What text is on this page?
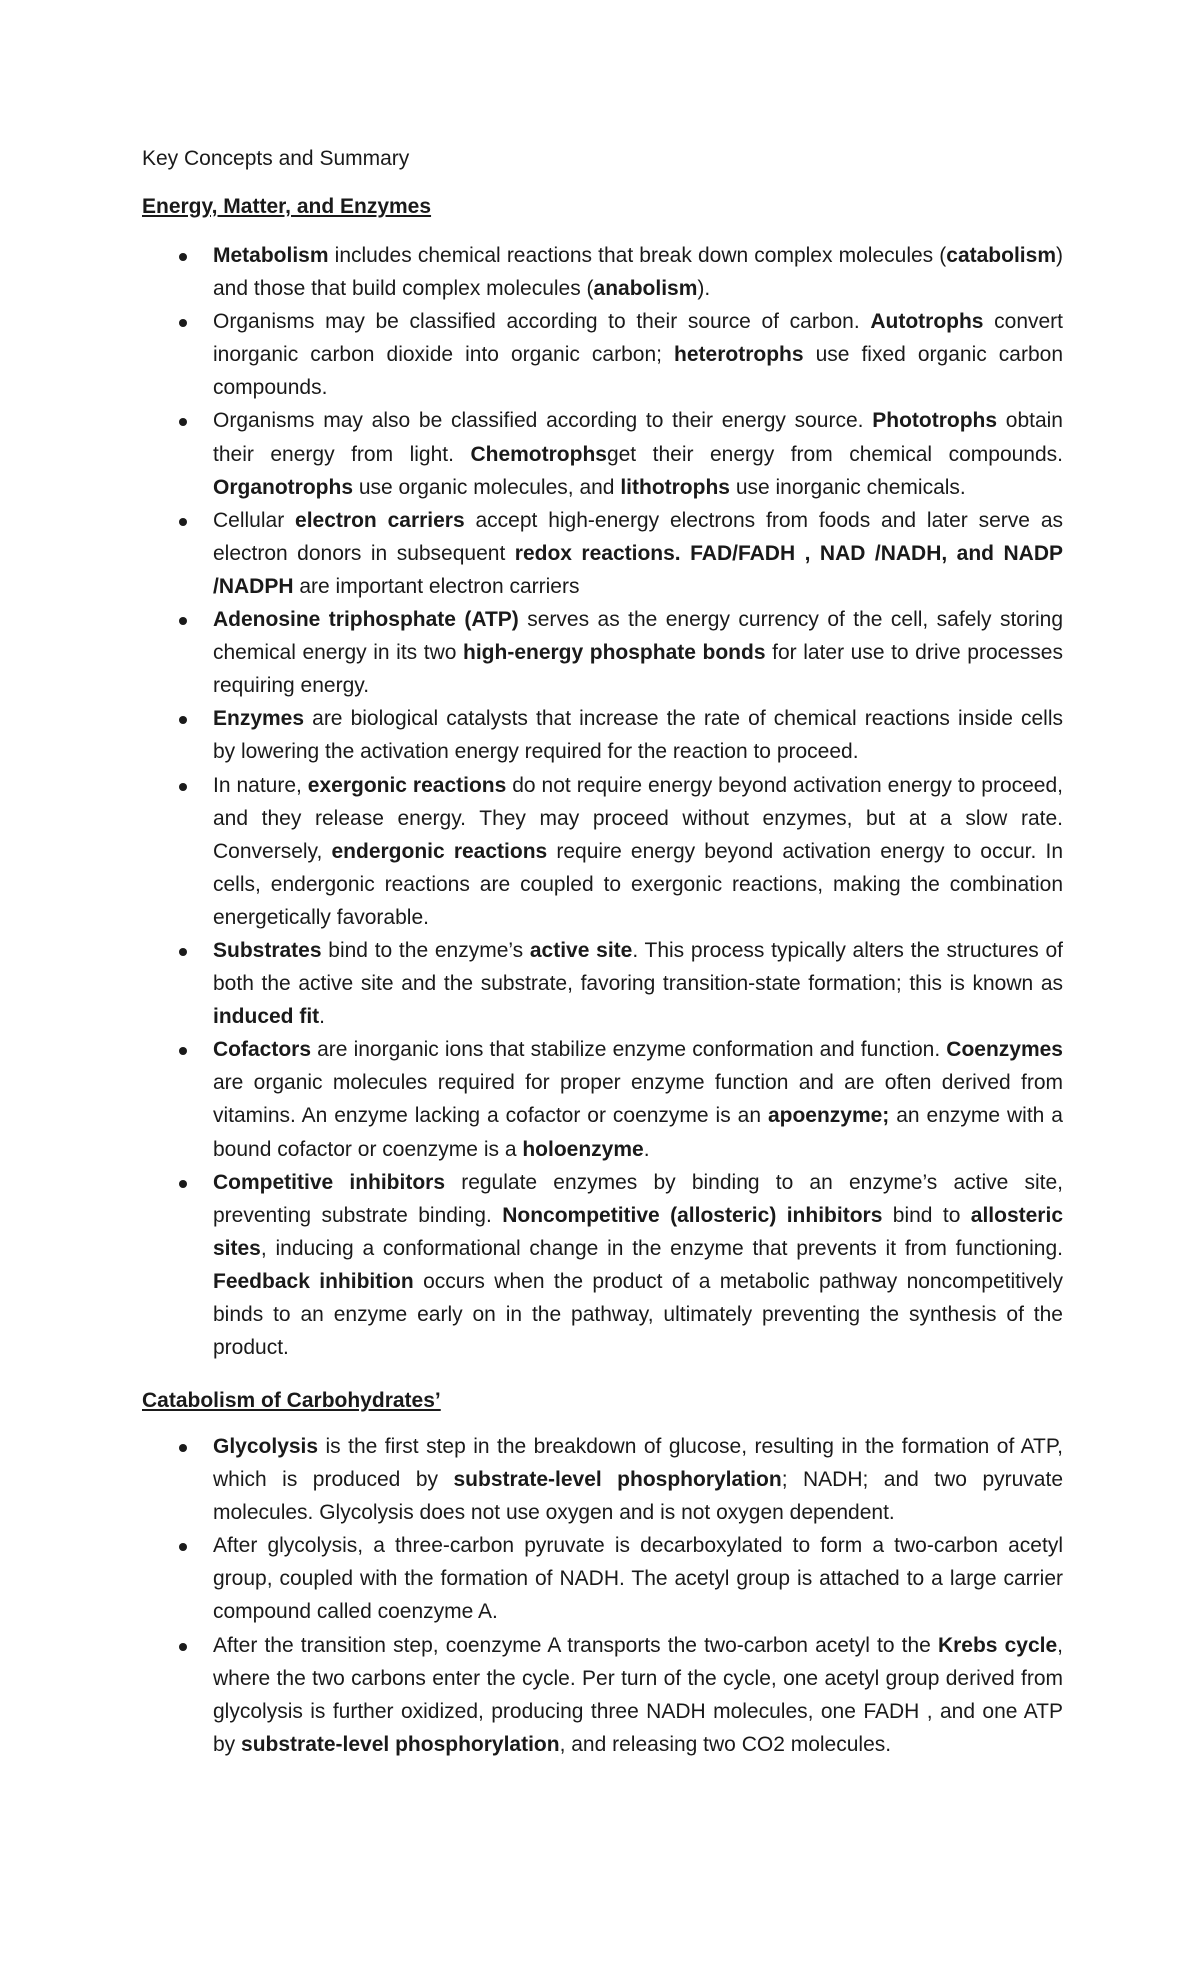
Key Concepts and Summary
Energy, Matter, and Enzymes
Metabolism includes chemical reactions that break down complex molecules (catabolism) and those that build complex molecules (anabolism).
Organisms may be classified according to their source of carbon. Autotrophs convert inorganic carbon dioxide into organic carbon; heterotrophs use fixed organic carbon compounds.
Organisms may also be classified according to their energy source. Phototrophs obtain their energy from light. Chemotrophsget their energy from chemical compounds. Organotrophs use organic molecules, and lithotrophs use inorganic chemicals.
Cellular electron carriers accept high-energy electrons from foods and later serve as electron donors in subsequent redox reactions. FAD/FADH , NAD /NADH, and NADP /NADPH are important electron carriers
Adenosine triphosphate (ATP) serves as the energy currency of the cell, safely storing chemical energy in its two high-energy phosphate bonds for later use to drive processes requiring energy.
Enzymes are biological catalysts that increase the rate of chemical reactions inside cells by lowering the activation energy required for the reaction to proceed.
In nature, exergonic reactions do not require energy beyond activation energy to proceed, and they release energy. They may proceed without enzymes, but at a slow rate. Conversely, endergonic reactions require energy beyond activation energy to occur. In cells, endergonic reactions are coupled to exergonic reactions, making the combination energetically favorable.
Substrates bind to the enzyme’s active site. This process typically alters the structures of both the active site and the substrate, favoring transition-state formation; this is known as induced fit.
Cofactors are inorganic ions that stabilize enzyme conformation and function. Coenzymes are organic molecules required for proper enzyme function and are often derived from vitamins. An enzyme lacking a cofactor or coenzyme is an apoenzyme; an enzyme with a bound cofactor or coenzyme is a holoenzyme.
Competitive inhibitors regulate enzymes by binding to an enzyme’s active site, preventing substrate binding. Noncompetitive (allosteric) inhibitors bind to allosteric sites, inducing a conformational change in the enzyme that prevents it from functioning. Feedback inhibition occurs when the product of a metabolic pathway noncompetitively binds to an enzyme early on in the pathway, ultimately preventing the synthesis of the product.
Catabolism of Carbohydrates’
Glycolysis is the first step in the breakdown of glucose, resulting in the formation of ATP, which is produced by substrate-level phosphorylation; NADH; and two pyruvate molecules. Glycolysis does not use oxygen and is not oxygen dependent.
After glycolysis, a three-carbon pyruvate is decarboxylated to form a two-carbon acetyl group, coupled with the formation of NADH. The acetyl group is attached to a large carrier compound called coenzyme A.
After the transition step, coenzyme A transports the two-carbon acetyl to the Krebs cycle, where the two carbons enter the cycle. Per turn of the cycle, one acetyl group derived from glycolysis is further oxidized, producing three NADH molecules, one FADH , and one ATP by substrate-level phosphorylation, and releasing two CO2 molecules.
